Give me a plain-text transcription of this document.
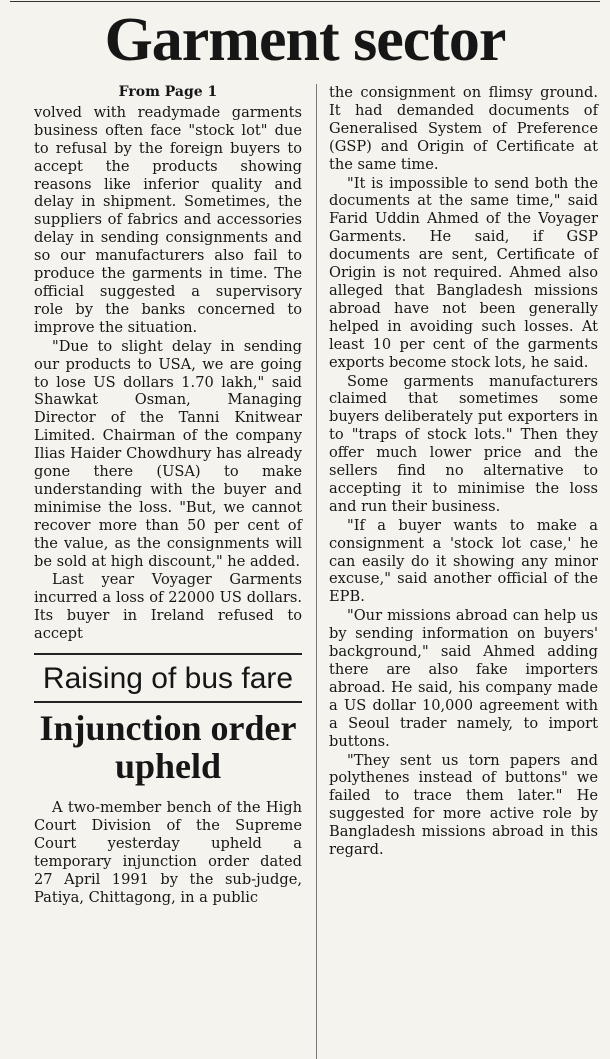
Garment sector
From Page 1

volved with readymade garments business often face "stock lot" due to refusal by the foreign buyers to accept the products showing reasons like inferior quality and delay in shipment. Sometimes, the suppliers of fabrics and accessories delay in sending consignments and so our manufacturers also fail to produce the garments in time. The official suggested a supervisory role by the banks concerned to improve the situation.

"Due to slight delay in sending our products to USA, we are going to lose US dollars 1.70 lakh," said Shawkat Osman, Managing Director of the Tanni Knitwear Limited. Chairman of the company Ilias Haider Chowdhury has already gone there (USA) to make understanding with the buyer and minimise the loss. "But, we cannot recover more than 50 per cent of the value, as the consignments will be sold at high discount," he added.

Last year Voyager Garments incurred a loss of 22000 US dollars. Its buyer in Ireland refused to accept

Raising of bus fare
Injunction order upheld

A two-member bench of the High Court Division of the Supreme Court yesterday upheld a temporary injunction order dated 27 April 1991 by the sub-judge, Patiya, Chittagong, in a public

the consignment on flimsy ground. It had demanded documents of Generalised System of Preference (GSP) and Origin of Certificate at the same time.

"It is impossible to send both the documents at the same time," said Farid Uddin Ahmed of the Voyager Garments. He said, if GSP documents are sent, Certificate of Origin is not required. Ahmed also alleged that Bangladesh missions abroad have not been generally helped in avoiding such losses. At least 10 per cent of the garments exports become stock lots, he said.

Some garments manufacturers claimed that sometimes some buyers deliberately put exporters in to "traps of stock lots." Then they offer much lower price and the sellers find no alternative to accepting it to minimise the loss and run their business.

"If a buyer wants to make a consignment a 'stock lot case,' he can easily do it showing any minor excuse," said another official of the EPB.

"Our missions abroad can help us by sending information on buyers' background," said Ahmed adding there are also fake importers abroad. He said, his company made a US dollar 10,000 agreement with a Seoul trader namely, to import buttons.

"They sent us torn papers and polythenes instead of buttons" we failed to trace them later." He suggested for more active role by Bangladesh missions abroad in this regard.
